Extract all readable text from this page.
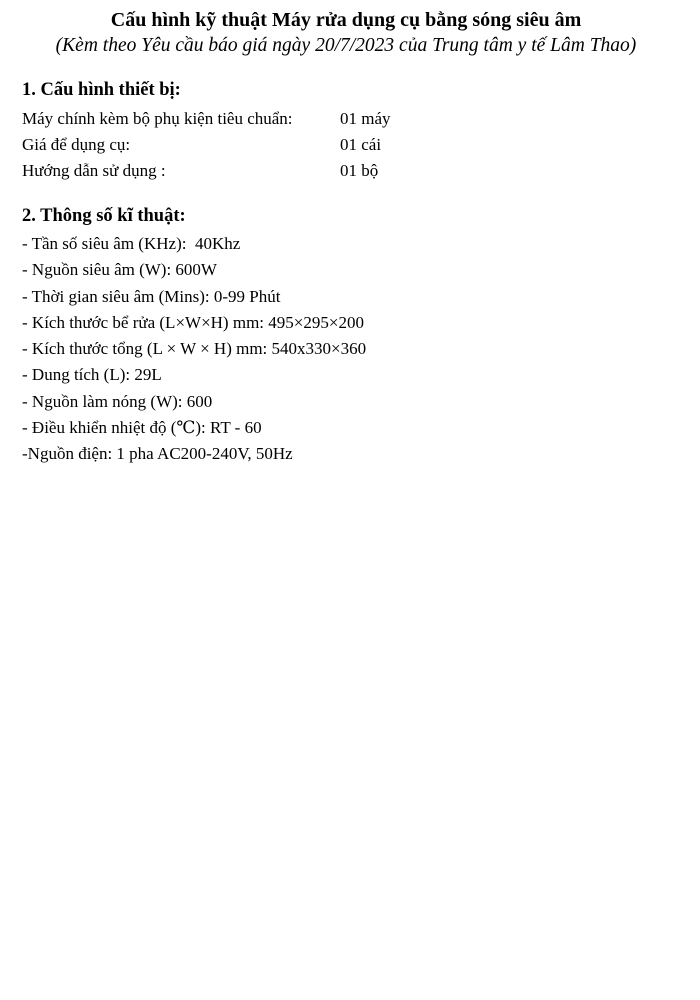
Cấu hình kỹ thuật Máy rửa dụng cụ bằng sóng siêu âm
(Kèm theo Yêu cầu báo giá ngày 20/7/2023 của Trung tâm y tế Lâm Thao)
1. Cấu hình thiết bị:
Máy chính kèm bộ phụ kiện tiêu chuẩn:	01 máy
Giá để dụng cụ:	01 cái
Hướng dẫn sử dụng :	01 bộ
2. Thông số kĩ thuật:
- Tần số siêu âm (KHz):  40Khz
- Nguồn siêu âm (W): 600W
- Thời gian siêu âm (Mins): 0-99 Phút
- Kích thước bể rửa (L×W×H) mm: 495×295×200
- Kích thước tổng (L × W × H) mm: 540x330×360
- Dung tích (L): 29L
- Nguồn làm nóng (W): 600
- Điều khiển nhiệt độ (℃): RT - 60
-Nguồn điện: 1 pha AC200-240V, 50Hz
